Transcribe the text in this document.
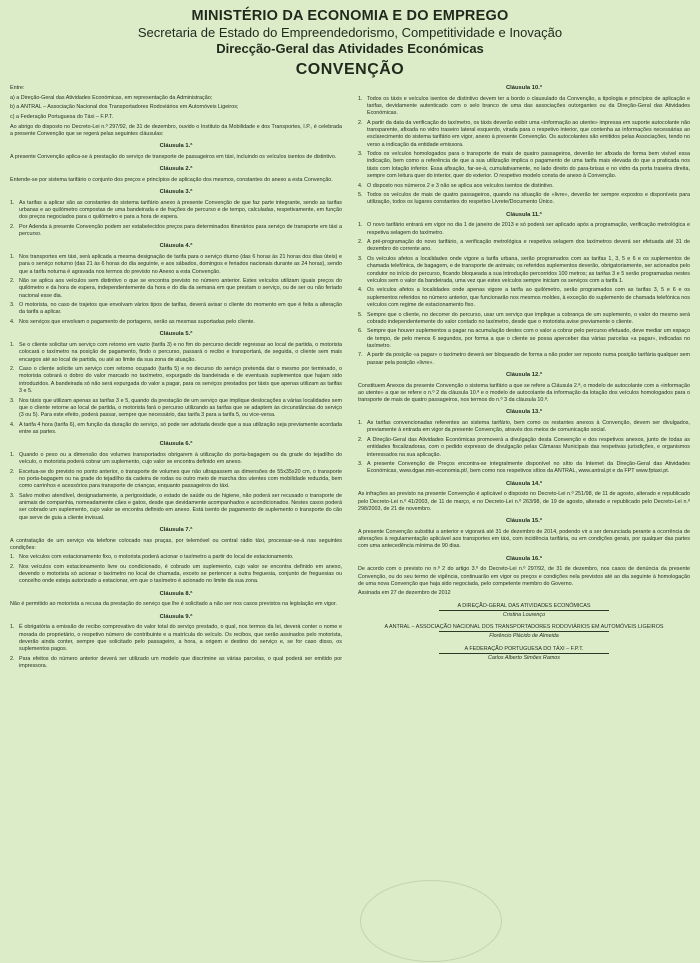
MINISTÉRIO DA ECONOMIA E DO EMPREGO
Secretaria de Estado do Empreendedorismo, Competitividade e Inovação
Direcção-Geral das Atividades Económicas
CONVENÇÃO

Entre:

a) a Direção-Geral das Atividades Económicas, em representação da Administração;

b) a ANTRAL – Associação Nacional dos Transportadores Rodoviários em Automóveis Ligeiros;

c) a Federação Portuguesa do Táxi – F.P.T.

Ao abrigo do disposto no Decreto-Lei n.º 297/92, de 31 de dezembro, ouvido o Instituto da Mobilidade e dos Transportes, I.P., é celebrada a presente Convenção que se regerá pelas seguintes cláusulas:

Cláusula 1.ª

A presente Convenção aplica-se à prestação do serviço de transporte de passageiros em táxi, incluindo os veículos isentos de distintivo.

Cláusula 2.ª

Entende-se por sistema tarifário o conjunto dos preços e princípios de aplicação dos mesmos, constantes do anexo a esta Convenção.

Cláusula 3.ª
1. As tarifas a aplicar são as constantes do sistema tarifário anexo à presente Convenção de que faz parte integrante, sendo as tarifas urbanas e ao quilómetro compostas de uma bandeirada e de frações de percurso e de tempo, calculadas, respetivamente, em função dos preços negociados para o quilómetro e para a hora de espera.
2. Por Adenda à presente Convenção podem ser estabelecidos preços para determinados itinerários para serviço de transporte em táxi a percurso.
Cláusula 4.ª
1. Nos transportes em táxi, será aplicada a mesma designação de tarifa para o serviço diurno (das 6 horas às 21 horas dos dias úteis) e para o serviço noturno (das 21 às 6 horas do dia seguinte, e aos sábados, domingos e feriados nacionais durante as 24 horas), sendo que a tarifa noturna é agravada nos termos do previsto no Anexo a esta Convenção.
2. Não se aplica aos veículos sem distintivo o que se encontra previsto no número anterior. Estes veículos utilizam iguais preços do quilómetro e da hora de espera, independentemente da hora e do dia da semana em que prestam o serviço, ou de ser ou não feriado nacional esse dia.
3. O motorista, no caso de trajetos que envolvam vários tipos de tarifas, deverá avisar o cliente do momento em que é feita a alteração da tarifa a aplicar.
4. Nos serviços que envolvam o pagamento de portagens, serão as mesmas suportadas pelo cliente.
Cláusula 5.ª
1. Se o cliente solicitar um serviço com retorno em vazio (tarifa 3) e no fim do percurso decidir regressar ao local de partida, o motorista colocará o taxímetro na posição de pagamento, findo o percurso, passará o recibo e transportará, de seguida, o cliente sem mais encargos até ao local de partida, ou até ao limite da sua zona de atuação.
2. Caso o cliente solicite um serviço com retorno ocupado (tarifa 5) e no decurso do serviço pretenda dar o mesmo por terminado, o motorista cobrará o dobro do valor marcado no taxímetro, expurgado da bandeirada e de eventuais suplementos que hajam sido introduzidos. A bandeirada só não será expurgada do valor a pagar, para os serviços prestados por táxis que apenas utilizam as tarifas 3 e 5.
3. Nos táxis que utilizam apenas as tarifas 3 e 5, quando da prestação de um serviço que implique deslocações a várias localidades sem que o cliente retorne ao local de partida, o motorista fará o percurso utilizando as tarifas que se adaptem às circunstâncias do serviço (3 ou 5). Para este efeito, poderá passar, sempre que necessário, das tarifa 3 para a tarifa 5, ou vice-versa.
4. A tarifa 4 hora (tarifa 6), em função da duração do serviço, só pode ser adotada desde que a sua utilização seja previamente acordada entre as partes.
Cláusula 6.ª
1. Quando o peso ou a dimensão dos volumes transportados obrigarem à utilização do porta-bagagem ou da grade do tejadilho do veículo, o motorista poderá cobrar um suplemento, cujo valor se encontra definido em anexo.
2. Excetua-se do previsto no ponto anterior, o transporte de volumes que não ultrapassem as dimensões de 55x35x20 cm, o transporte no porta-bagagem ou na grade do tejadilho da cadeira de rodas ou outro meio de marcha dos utentes com mobilidade reduzida, bem como carrinhos e acessórios para transporte de crianças, enquanto passageiros do táxi.
3. Salvo motivo atendível, designadamente, a perigosidade, o estado de saúde ou de higiene, não poderá ser recusado o transporte de animais de companhia, nomeadamente cães e gatos, desde que devidamente acompanhados e acondicionados. Nestes casos poderá ser cobrado um suplemento, cujo valor se encontra definido em anexo. Está isento de pagamento de suplemento o transporte do cão que serve de guia a cliente invisual.
Cláusula 7.ª

A contratação de um serviço via telefone colocado nas praças, por telemóvel ou central rádio táxi, processar-se-á nas seguintes condições:

1. Nos veículos com estacionamento fixo, o motorista poderá acionar o taxímetro a partir do local de estacionamento.
2. Nos veículos com estacionamento livre ou condicionado, é cobrado um suplemento, cujo valor se encontra definido em anexo, devendo o motorista só acionar o taxímetro no local de chamada, exceto se pertencer a outra freguesia, conjunto de freguesias ou concelho onde esteja autorizado a estacionar, em que o taxímetro é acionado no limite da sua zona.
Cláusula 8.ª

Não é permitido ao motorista a recusa da prestação do serviço que lhe é solicitado a não ser nos casos previstos na legislação em vigor.

Cláusula 9.ª
1. É obrigatória a emissão de recibo comprovativo do valor total do serviço prestado, o qual, nos termos da lei, deverá conter o nome e morada do proprietário, o respetivo número de contribuinte e a matrícula do veículo. Os recibos, que serão assinados pelo motorista, deverão ainda conter, sempre que solicitado pelo passageiro, a hora, a origem e destino do serviço e, se for caso disso, os suplementos pagos.
2. Para efeitos do número anterior deverá ser utilizado um modelo que discrimine as várias parcelas, o qual poderá ser emitido por impressora.
Cláusula 10.ª
1. Todos os táxis e veículos isentos de distintivo devem ter a bordo o clausulado da Convenção, a tipologia e princípios de aplicação e tarifas, devidamente autenticado com o selo branco de uma das associações outorgantes ou da Direção-Geral das Atividades Económicas.
2. A partir da data da verificação do taxímetro, os táxis deverão exibir uma «informação ao utente» impressa em suporte autocolante não transparente, afixada no vidro traseiro lateral esquerdo, virada para o respetivo interior, que contenha as informações necessárias ao esclarecimento do sistema tarifário em vigor, anexo à presente Convenção. Os autocolantes são emitidos pelas Associações, tendo no verso a indicação da entidade emissora.
3. Todos os veículos homologados para o transporte de mais de quatro passageiros, deverão ter afixada de forma bem visível essa indicação, bem como a referência de que a sua utilização implica o pagamento de uma tarifa mais elevada do que a praticada nos táxis com lotação inferior. Essa afixação, far-se-á, cumulativamente, no lado direito do para-brisas e no vidro da porta traseira direita, sempre com leitura quer do interior, quer do exterior. O respetivo modelo consta de anexo à Convenção.
4. O disposto nos números 2 e 3 não se aplica aos veículos isentos de distintivo.
5. Todos os veículos de mais de quatro passageiros, quando na situação de «livre», deverão ter sempre expostos e disponíveis para utilização, todos os lugares constantes do respetivo Livrete/Documento Único.
Cláusula 11.ª
1. O novo tarifário entrará em vigor no dia 1 de janeiro de 2013 e só poderá ser aplicado após a programação, verificação metrológica e respetiva selagem do taxímetro.
2. A pré-programação do novo tarifário, a verificação metrológica e respetiva selagem dos taxímetros deverá ser efetuada até 31 de dezembro do corrente ano.
3. Os veículos afetos a localidades onde vigore a tarifa urbana, serão programados com as tarifas 1, 3, 5 e 6 e os suplementos de chamada telefónica, de bagagem, e de transporte de animais; os referidos suplementos deverão, obrigatoriamente, ser acionados pelo condutor no início do percurso, ficando bloqueada a sua introdução percorridos 100 metros; as tarifas 3 e 5 serão programadas nestes veículos sem o valor da bandeirada, uma vez que estes veículos sempre iniciam os serviços com a tarifa 1.
4. Os veículos afetos a localidades onde apenas vigore a tarifa ao quilómetro, serão programados com as tarifas 3, 5 e 6 e os suplementos referidos no número anterior, que funcionarão nos mesmos moldes, à exceção do suplemento de chamada telefónica nos veículos com regime de estacionamento fixo.
5. Sempre que o cliente, no decorrer do percurso, usar um serviço que implique a cobrança de um suplemento, o valor do mesmo será cobrado independentemente do valor contado no taxímetro, desde que o motorista avise previamente o cliente.
6. Sempre que houver suplementos a pagar na acumulação destes com o valor a cobrar pelo percurso efetuado, deve mediar um espaço de tempo, de pelo menos 6 segundos, por forma a que o cliente se possa aperceber das várias parcelas «a pagar», indicadas no taxímetro.
7. A partir da posição «a pagar» o taxímetro deverá ser bloqueado de forma a não poder ser reposto numa posição tarifária qualquer sem passar pela posição «livre».
Cláusula 12.ª

Constituem Anexos da presente Convenção o sistema tarifário a que se refere a Cláusula 2.ª, o modelo de autocolante com a «informação ao utente» a que se refere o n.º 2 da cláusula 10.ª e o modelo de autocolante da informação da lotação dos veículos homologados para o transporte de mais de quatro passageiros, nos termos do n.º 3 da cláusula 10.ª.

Cláusula 13.ª
1. As tarifas convencionadas referentes ao sistema tarifário, bem como os restantes anexos à Convenção, devem ser divulgados, previamente à entrada em vigor da presente Convenção, através dos meios de comunicação social.
2. A Direção-Geral das Atividades Económicas promoverá a divulgação desta Convenção e dos respetivos anexos, junto de todas as entidades fiscalizadoras, com o pedido expresso de divulgação pelas Câmaras Municipais das respetivas jurisdições, e organismos interessados na sua aplicação.
3. A presente Convenção de Preços encontra-se integralmente disponível no sítio da Internet da Direção-Geral das Atividades Económicas, www.dgae.min-economia.pt/, bem como nos respetivos sítios da ANTRAL, www.antral.pt e da FPT www.fptaxi.pt.
Cláusula 14.ª

As infrações ao previsto na presente Convenção é aplicável o disposto no Decreto-Lei n.º 251/98, de 11 de agosto, alterado e republicado pelo Decreto-Lei n.º 41/2003, de 11 de março, e no Decreto-Lei n.º 263/98, de 19 de agosto, alterado e republicado pelo Decreto-Lei n.º 298/2003, de 21 de novembro.

Cláusula 15.ª

A presente Convenção substitui a anterior e vigorará até 31 de dezembro de 2014, podendo vir a ser denunciada perante a ocorrência de alterações à regulamentação aplicável aos transportes em táxi, com incidência tarifária, ou em condições gerais, por qualquer das partes com uma antecedência mínima de 90 dias.

Cláusula 16.ª

De acordo com o previsto no n.º 2 do artigo 3.º do Decreto-Lei n.º 297/92, de 31 de dezembro, nos casos de denúncia da presente Convenção, ou do seu termo de vigência, continuarão em vigor os preços e condições nela previstos até ao dia seguinte à homologação de uma nova Convenção que haja sido negociada, pelo competente membro do Governo.

Assinada em 27 de dezembro de 2012

A DIREÇÃO-GERAL DAS ATIVIDADES ECONÓMICAS
Cristina Lourenço
A ANTRAL – ASSOCIAÇÃO NACIONAL DOS TRANSPORTADORES RODOVIÁRIOS EM AUTOMÓVEIS LIGEIROS
Florêncio Plácido de Almeida
A FEDERAÇÃO PORTUGUESA DO TÁXI – F.P.T.
Carlos Alberto Simões Ramos
